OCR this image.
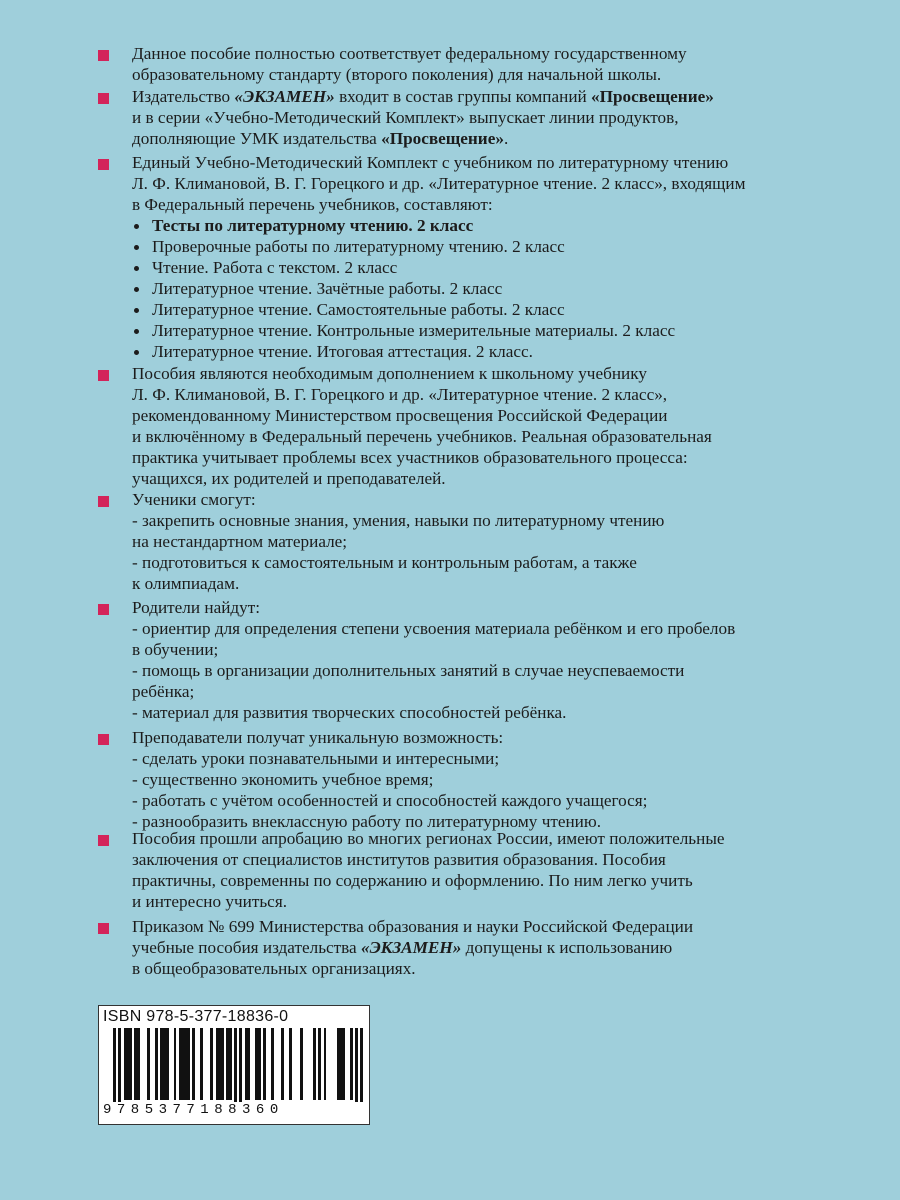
Данное пособие полностью соответствует федеральному государственному
образовательному стандарту (второго поколения) для начальной школы.
Издательство «ЭКЗАМЕН» входит в состав группы компаний «Просвещение»
и в серии «Учебно-Методический Комплект» выпускает линии продуктов,
дополняющие УМК издательства «Просвещение».
Единый Учебно-Методический Комплект с учебником по литературному чтению
Л. Ф. Климановой, В. Г. Горецкого и др. «Литературное чтение. 2 класс», входящим
в Федеральный перечень учебников, составляют:
Тесты по литературному чтению. 2 класс
Проверочные работы по литературному чтению. 2 класс
Чтение. Работа с текстом. 2 класс
Литературное чтение. Зачётные работы. 2 класс
Литературное чтение. Самостоятельные работы. 2 класс
Литературное чтение. Контрольные измерительные материалы. 2 класс
Литературное чтение. Итоговая аттестация. 2 класс.
Пособия являются необходимым дополнением к школьному учебнику
Л. Ф. Климановой, В. Г. Горецкого и др. «Литературное чтение. 2 класс»,
рекомендованному Министерством просвещения Российской Федерации
и включённому в Федеральный перечень учебников. Реальная образовательная
практика учитывает проблемы всех участников образовательного процесса:
учащихся, их родителей и преподавателей.
Ученики смогут:
- закрепить основные знания, умения, навыки по литературному чтению
на нестандартном материале;
- подготовиться к самостоятельным и контрольным работам, а также
к олимпиадам.
Родители найдут:
- ориентир для определения степени усвоения материала ребёнком и его пробелов
в обучении;
- помощь в организации дополнительных занятий в случае неуспеваемости
ребёнка;
- материал для развития творческих способностей ребёнка.
Преподаватели получат уникальную возможность:
- сделать уроки познавательными и интересными;
- существенно экономить учебное время;
- работать с учётом особенностей и способностей каждого учащегося;
- разнообразить внеклассную работу по литературному чтению.
Пособия прошли апробацию во многих регионах России, имеют положительные
заключения от специалистов институтов развития образования. Пособия
практичны, современны по содержанию и оформлению. По ним легко учить
и интересно учиться.
Приказом № 699 Министерства образования и науки Российской Федерации
учебные пособия издательства «ЭКЗАМЕН» допущены к использованию
в общеобразовательных организациях.
ISBN 978-5-377-18836-0
9785377188360
